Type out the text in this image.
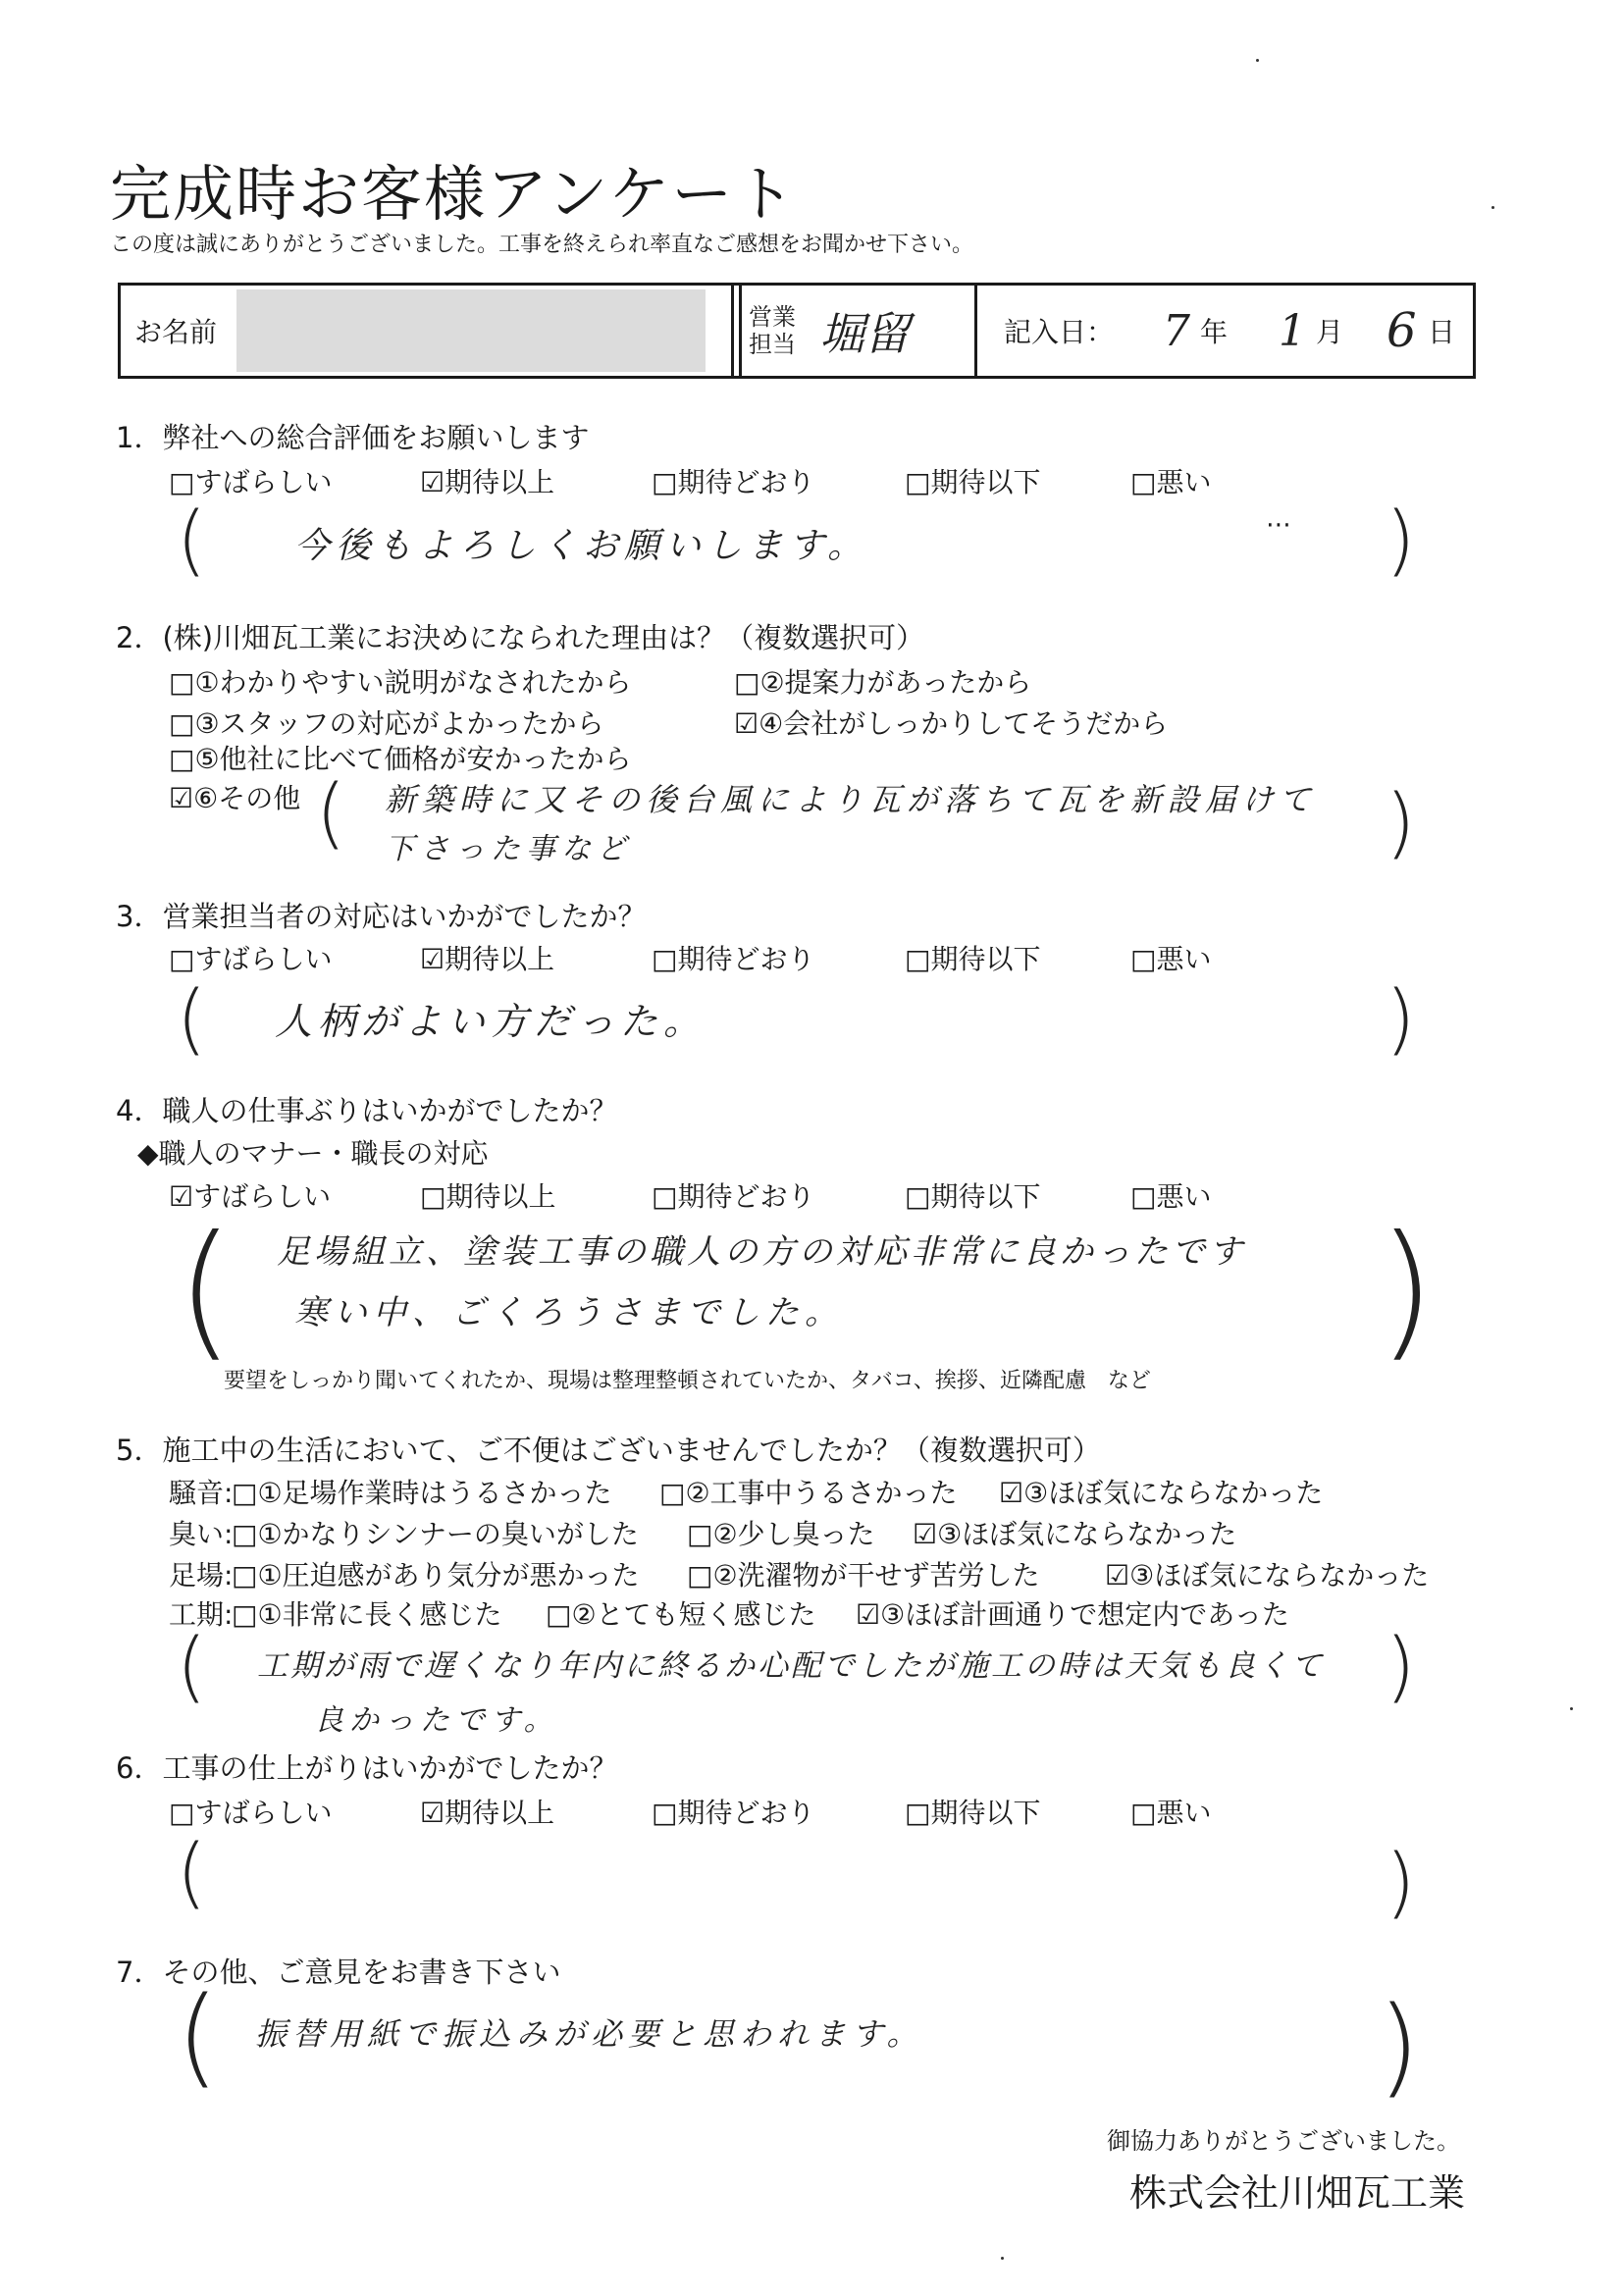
完成時お客様アンケート
この度は誠にありがとうございました。工事を終えられ率直なご感想をお聞かせ下さい。
お名前	営業
担当 堀留	記入日： 7 年 1 月 6 日
1．弊社への総合評価をお願いします
□すばらしい	☑期待以上	□期待どおり	□期待以下	□悪い
(	)
今後もよろしくお願いします。
⋯
2．(株)川畑瓦工業にお決めになられた理由は？（複数選択可）
□①わかりやすい説明がなされたから	□②提案力があったから
□③スタッフの対応がよかったから	☑④会社がしっかりしてそうだから
□⑤他社に比べて価格が安かったから
☑⑥その他 (	)
新築時に又その後台風により瓦が落ちて瓦を新設届けて
下さった事など
3．営業担当者の対応はいかがでしたか？
□すばらしい	☑期待以上	□期待どおり	□期待以下	□悪い
(	)
人柄がよい方だった。
4．職人の仕事ぶりはいかがでしたか？
◆職人のマナー・職長の対応
☑すばらしい	□期待以上	□期待どおり	□期待以下	□悪い
(	)
足場組立、塗装工事の職人の方の対応非常に良かったです
寒い中、ごくろうさまでした。
要望をしっかり聞いてくれたか、現場は整理整頓されていたか、タバコ、挨拶、近隣配慮　など
5．施工中の生活において、ご不便はございませんでしたか？（複数選択可）
騒音:
□①足場作業時はうるさかった □②工事中うるさかった ☑③ほぼ気にならなかった
臭い:
□①かなりシンナーの臭いがした □②少し臭った ☑③ほぼ気にならなかった
足場:
□①圧迫感があり気分が悪かった □②洗濯物が干せず苦労した ☑③ほぼ気にならなかった
工期:
□①非常に長く感じた □②とても短く感じた ☑③ほぼ計画通りで想定内であった
(	)
工期が雨で遅くなり年内に終るか心配でしたが施工の時は天気も良くて
良かったです。
6．工事の仕上がりはいかがでしたか？
□すばらしい	☑期待以上	□期待どおり	□期待以下	□悪い
(	)
7．その他、ご意見をお書き下さい
(	)
振替用紙で振込みが必要と思われます。
御協力ありがとうございました。
株式会社川畑瓦工業
